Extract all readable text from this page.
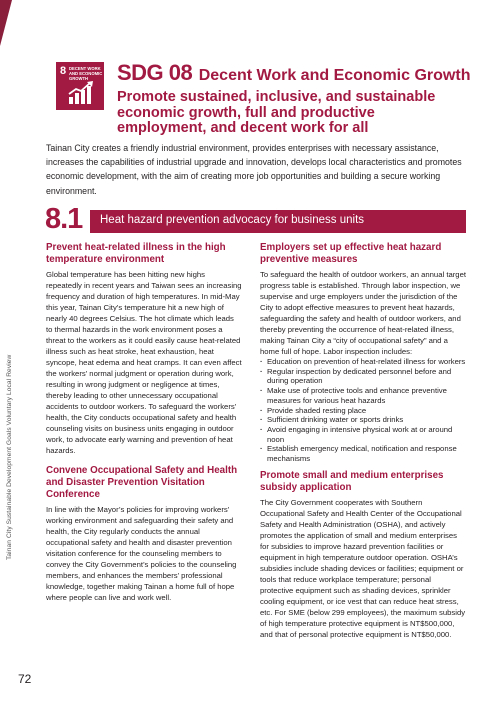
Tainan City Sustainable Development Goals Voluntary Local Review
72
8 DECENT WORK AND ECONOMIC GROWTH	SDG 08 Decent Work and Economic Growth
Promote sustained, inclusive, and sustainable economic growth, full and productive employment, and decent work for all

Tainan City creates a friendly industrial environment, provides enterprises with necessary assistance, increases the capabilities of industrial upgrade and innovation, develops local characteristics and promotes economic development, with the aim of creating more job opportunities and building a secure working environment.

8.1 Heat hazard prevention advocacy for business units
Prevent heat-related illness in the high temperature environment

Global temperature has been hitting new highs repeatedly in recent years and Taiwan sees an increasing frequency and duration of high temperatures. In mid-May this year, Tainan City’s temperature hit a new high of nearly 40 degrees Celsius. The hot climate which leads to thermal hazards in the work environment poses a threat to the workers as it could easily cause heat-related illness such as heat stroke, heat exhaustion, heat syncope, heat edema and heat cramps. It can even affect the workers’ normal judgment or operation during work, resulting in wrong judgment or negligence at times, thereby leading to other unnecessary occupational accidents to outdoor workers. To safeguard the workers’ health, the City conducts occupational safety and health counseling visits on business units engaging in outdoor work, to advocate early warning and prevention of heat hazards.

Convene Occupational Safety and Health and Disaster Prevention Visitation Conference

In line with the Mayor’s policies for improving workers’ working environment and safeguarding their safety and health, the City regularly conducts the annual occupational safety and health and disaster prevention visitation conference for the counseling members to convey the City Government’s policies to the counseling members, and enhances the members’ professional knowledge, together making Tainan a home full of hope where people can live and work well.

Employers set up effective heat hazard preventive measures

To safeguard the health of outdoor workers, an annual target progress table is established. Through labor inspection, we supervise and urge employers under the jurisdiction of the City to adopt effective measures to prevent heat hazards, safeguarding the safety and health of outdoor workers, and thereby preventing the occurrence of heat-related illness, making Tainan City a “city of occupational safety” and a home full of hope. Labor inspection includes:

· Education on prevention of heat-related illness for workers
· Regular inspection by dedicated personnel before and during operation
· Make use of protective tools and enhance preventive measures for various heat hazards
· Provide shaded resting place
· Sufficient drinking water or sports drinks
· Avoid engaging in intensive physical work at or around noon
· Establish emergency medical, notification and response mechanisms
Promote small and medium enterprises subsidy application

The City Government cooperates with Southern Occupational Safety and Health Center of the Occupational Safety and Health Administration (OSHA), and actively promotes the application of small and medium enterprises for subsidies to improve hazard prevention facilities or equipment in high temperature outdoor operation. OSHA’s subsidies include shading devices or facilities; equipment or tools that reduce workplace temperature; personal protective equipment such as shading devices, sprinkler cooling equipment, or ice vest that can reduce heat stress, etc. For SME (below 299 employees), the maximum subsidy of high temperature protective equipment is NT$500,000, and that of personal protective equipment is NT$50,000.
